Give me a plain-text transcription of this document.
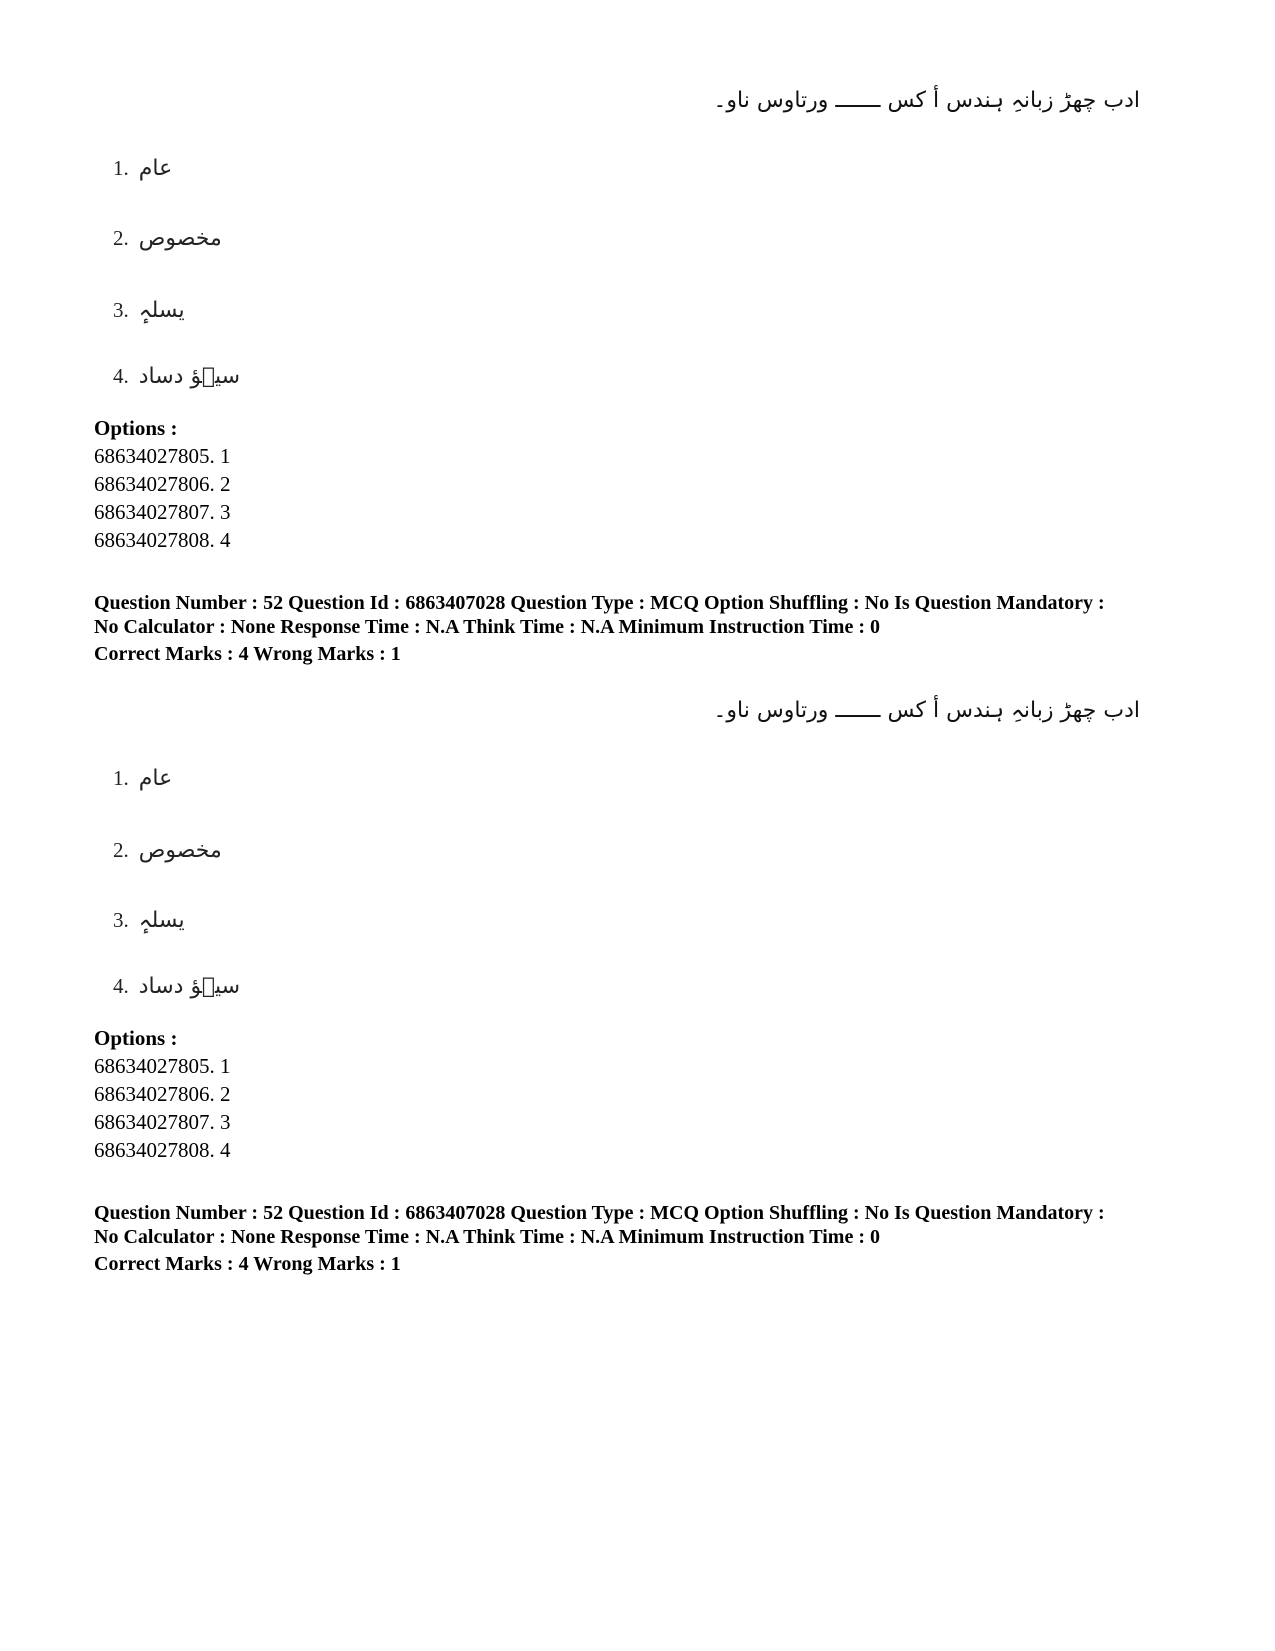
ادب چھڑ زبانہِ ہندس أ کس ـــــــ ورتاوس ناو۔
1. عام
2. مخصوص
3. یسلہٕ
4. سیٛؤ دساد
Options :
68634027805. 1
68634027806. 2
68634027807. 3
68634027808. 4
Question Number : 52 Question Id : 6863407028 Question Type : MCQ Option Shuffling : No Is Question Mandatory :
No Calculator : None Response Time : N.A Think Time : N.A Minimum Instruction Time : 0
Correct Marks : 4 Wrong Marks : 1
ادب چھڑ زبانہِ ہندس أ کس ـــــــ ورتاوس ناو۔
1. عام
2. مخصوص
3. یسلہٕ
4. سیٛؤ دساد
Options :
68634027805. 1
68634027806. 2
68634027807. 3
68634027808. 4
Question Number : 52 Question Id : 6863407028 Question Type : MCQ Option Shuffling : No Is Question Mandatory :
No Calculator : None Response Time : N.A Think Time : N.A Minimum Instruction Time : 0
Correct Marks : 4 Wrong Marks : 1
